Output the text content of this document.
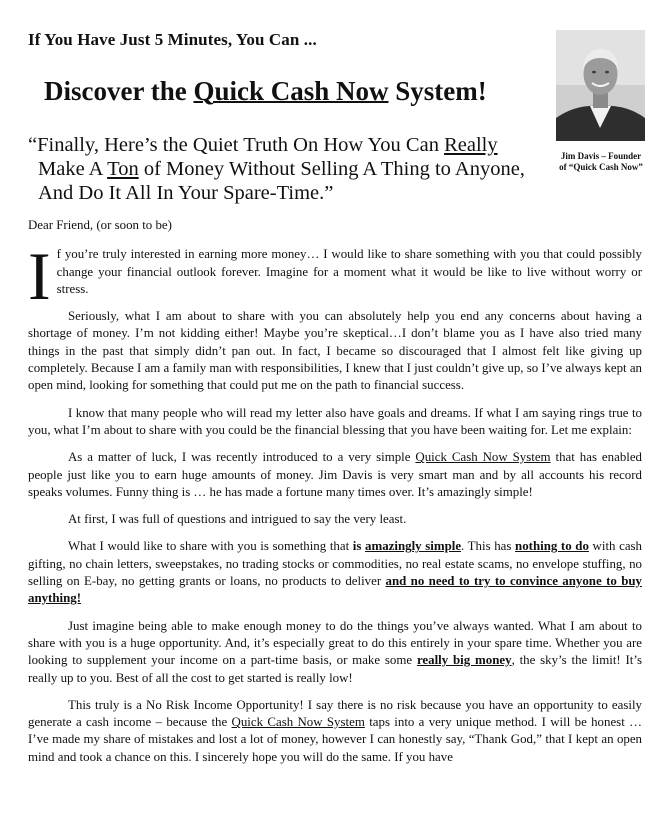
If You Have Just 5 Minutes, You Can ...
Discover the Quick Cash Now System!
“Finally, Here’s the Quiet Truth On How You Can Really
Make A Ton of Money Without Selling A Thing to Anyone,
And Do It All In Your Spare-Time.”
Jim Davis – Founder
of “Quick Cash Now”

Dear Friend, (or soon to be)

If you’re truly interested in earning more money… I would like to share something with you that could possibly change your financial outlook forever. Imagine for a moment what it would be like to live without worry or stress.

Seriously, what I am about to share with you can absolutely help you end any concerns about having a shortage of money. I’m not kidding either! Maybe you’re skeptical…I don’t blame you as I have also tried many things in the past that simply didn’t pan out. In fact, I became so discouraged that I almost felt like giving up completely. Because I am a family man with responsibilities, I knew that I just couldn’t give up, so I’ve always kept an open mind, looking for something that could put me on the path to financial success.

I know that many people who will read my letter also have goals and dreams. If what I am saying rings true to you, what I’m about to share with you could be the financial blessing that you have been waiting for. Let me explain:

As a matter of luck, I was recently introduced to a very simple Quick Cash Now System that has enabled people just like you to earn huge amounts of money. Jim Davis is very smart man and by all accounts his record speaks volumes. Funny thing is … he has made a fortune many times over. It’s amazingly simple!

At first, I was full of questions and intrigued to say the very least.

What I would like to share with you is something that is amazingly simple. This has nothing to do with cash gifting, no chain letters, sweepstakes, no trading stocks or commodities, no real estate scams, no envelope stuffing, no selling on E-bay, no getting grants or loans, no products to deliver and no need to try to convince anyone to buy anything!

Just imagine being able to make enough money to do the things you’ve always wanted. What I am about to share with you is a huge opportunity. And, it’s especially great to do this entirely in your spare time. Whether you are looking to supplement your income on a part-time basis, or make some really big money, the sky’s the limit! It’s really up to you. Best of all the cost to get started is really low!

This truly is a No Risk Income Opportunity! I say there is no risk because you have an opportunity to easily generate a cash income – because the Quick Cash Now System taps into a very unique method. I will be honest … I’ve made my share of mistakes and lost a lot of money, however I can honestly say, “Thank God,” that I kept an open mind and took a chance on this. I sincerely hope you will do the same. If you have
